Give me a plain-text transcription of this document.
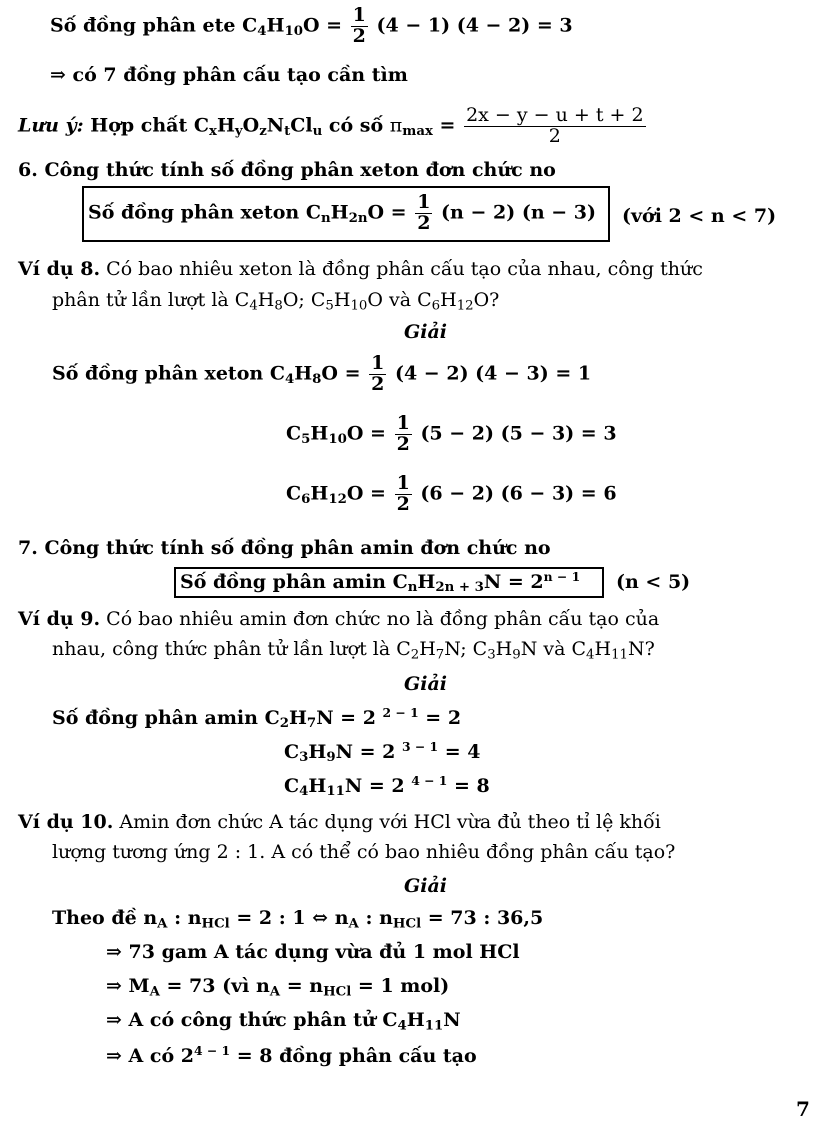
Số đồng phân ete $C_4H_{10}O = \frac{1}{2} (4 - 1) (4 - 2) = 3$
⇒ có 7 đồng phân cấu tạo cần tìm
Lưu ý: Hợp chất $C_xH_yO_zN_tCl_u$ có số $\pi_{max} = \frac{2x - y - u + t + 2}{2}$
6. Công thức tính số đồng phân xeton đơn chức no
Số đồng phân xeton $C_nH_{2n}O = \frac{1}{2} (n - 2) (n - 3)$ (với 2 < n < 7)
Ví dụ 8. Có bao nhiêu xeton là đồng phân cấu tạo của nhau, công thức
phân tử lần lượt là $C_4H_8O$; $C_5H_{10}O$ và $C_6H_{12}O$?
Giải
Số đồng phân xeton $C_4H_8O = \frac{1}{2} (4 - 2) (4 - 3) = 1$
$C_5H_{10}O = \frac{1}{2} (5 - 2) (5 - 3) = 3$
$C_6H_{12}O = \frac{1}{2} (6 - 2) (6 - 3) = 6$
7. Công thức tính số đồng phân amin đơn chức no
Số đồng phân amin $C_nH_{2n + 3}N = 2^{n - 1}$ (n < 5)
Ví dụ 9. Có bao nhiêu amin đơn chức no là đồng phân cấu tạo của
nhau, công thức phân tử lần lượt là $C_2H_7N$; $C_3H_9N$ và $C_4H_{11}N$?
Giải
Số đồng phân amin $C_2H_7N = 2$ $^{2 - 1}$ = 2
$C_3H_9N = 2$ $^{3 - 1}$ = 4
$C_4H_{11}N = 2$ $^{4 - 1}$ = 8
Ví dụ 10. Amin đơn chức A tác dụng với HCl vừa đủ theo tỉ lệ khối
lượng tương ứng 2 : 1. A có thể có bao nhiêu đồng phân cấu tạo?
Giải
Theo đề $n_A$ : $n_{HCl} = 2$ : 1 ⇔ $n_A$ : $n_{HCl} = 73$ : 36,5
⇒ 73 gam A tác dụng vừa đủ 1 mol HCl
⇒ $M_A = 73$ (vì $n_A = n_{HCl} = 1$ mol)
⇒ A có công thức phân tử $C_4H_{11}N$
⇒ A có $2^{4 - 1} = 8$ đồng phân cấu tạo
7
